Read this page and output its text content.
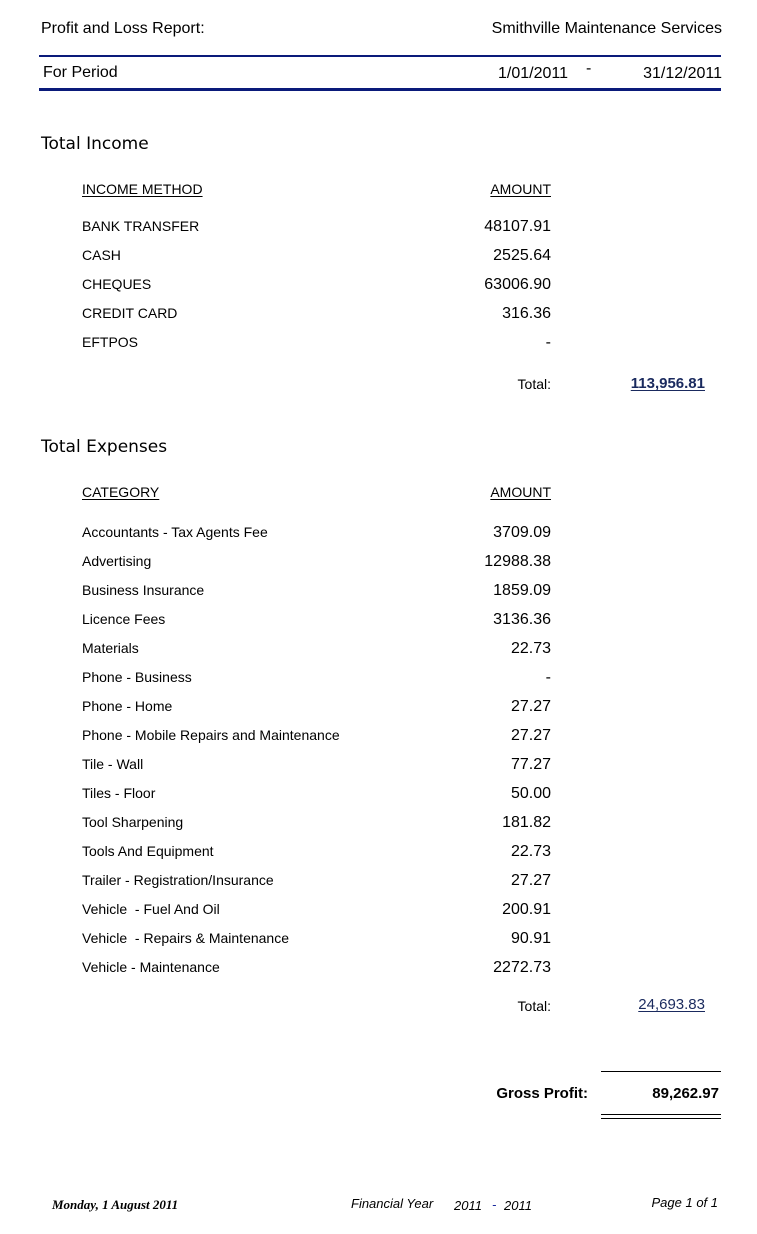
Profit and Loss Report:	Smithville Maintenance Services
For Period	1/01/2011 -	31/12/2011
Total Income
INCOME METHOD	AMOUNT
BANK TRANSFER	48107.91
CASH	2525.64
CHEQUES	63006.90
CREDIT CARD	316.36
EFTPOS	-
Total:	113,956.81
Total Expenses
CATEGORY	AMOUNT
Accountants - Tax Agents Fee	3709.09
Advertising	12988.38
Business Insurance	1859.09
Licence Fees	3136.36
Materials	22.73
Phone - Business	-
Phone - Home	27.27
Phone - Mobile Repairs and Maintenance	27.27
Tile - Wall	77.27
Tiles - Floor	50.00
Tool Sharpening	181.82
Tools And Equipment	22.73
Trailer - Registration/Insurance	27.27
Vehicle  - Fuel And Oil	200.91
Vehicle  - Repairs & Maintenance	90.91
Vehicle - Maintenance	2272.73
Total:	24,693.83
Gross Profit:	89,262.97
Monday, 1 August 2011	Financial Year 2011 - 2011	Page 1 of 1
